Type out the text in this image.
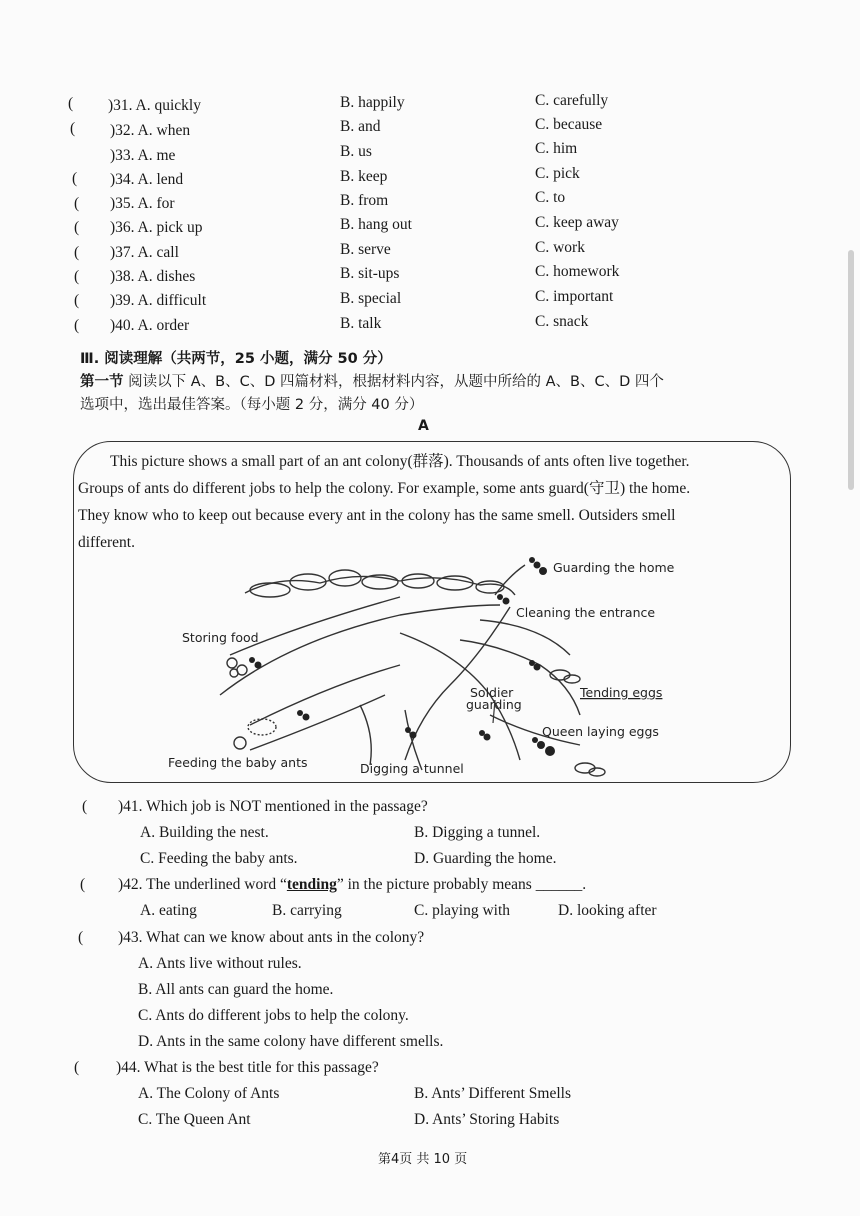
( )31. A. quickly	B. happily	C. carefully
( )32. A. when	B. and	C. because
)33. A. me	B. us	C. him
( )34. A. lend	B. keep	C. pick
( )35. A. for	B. from	C. to
( )36. A. pick up	B. hang out	C. keep away
( )37. A. call	B. serve	C. work
( )38. A. dishes	B. sit-ups	C. homework
( )39. A. difficult	B. special	C. important
( )40. A. order	B. talk	C. snack
Ⅲ. 阅读理解（共两节，25 小题，满分 50 分）
第一节 阅读以下 A、B、C、D 四篇材料，根据材料内容，从题中所给的 A、B、C、D 四个
选项中，选出最佳答案。（每小题 2 分，满分 40 分）
A
This picture shows a small part of an ant colony(群落). Thousands of ants often live together.
Groups of ants do different jobs to help the colony. For example, some ants guard(守卫) the home.
They know who to keep out because every ant in the colony has the same smell. Outsiders smell
different.
Guarding the home
Cleaning the entrance
Storing food
Tending eggs
Soldier
guarding
Queen laying eggs
Feeding the baby ants	Digging a tunnel
( )41. Which job is NOT mentioned in the passage?
A. Building the nest.	B. Digging a tunnel.
C. Feeding the baby ants.	D. Guarding the home.
( )42. The underlined word “tending” in the picture probably means ______.
A. eating	B. carrying	C. playing with	D. looking after
( )43. What can we know about ants in the colony?
A. Ants live without rules.
B. All ants can guard the home.
C. Ants do different jobs to help the colony.
D. Ants in the same colony have different smells.
( )44. What is the best title for this passage?
A. The Colony of Ants	B. Ants’ Different Smells
C. The Queen Ant	D. Ants’ Storing Habits
第4页 共 10 页
